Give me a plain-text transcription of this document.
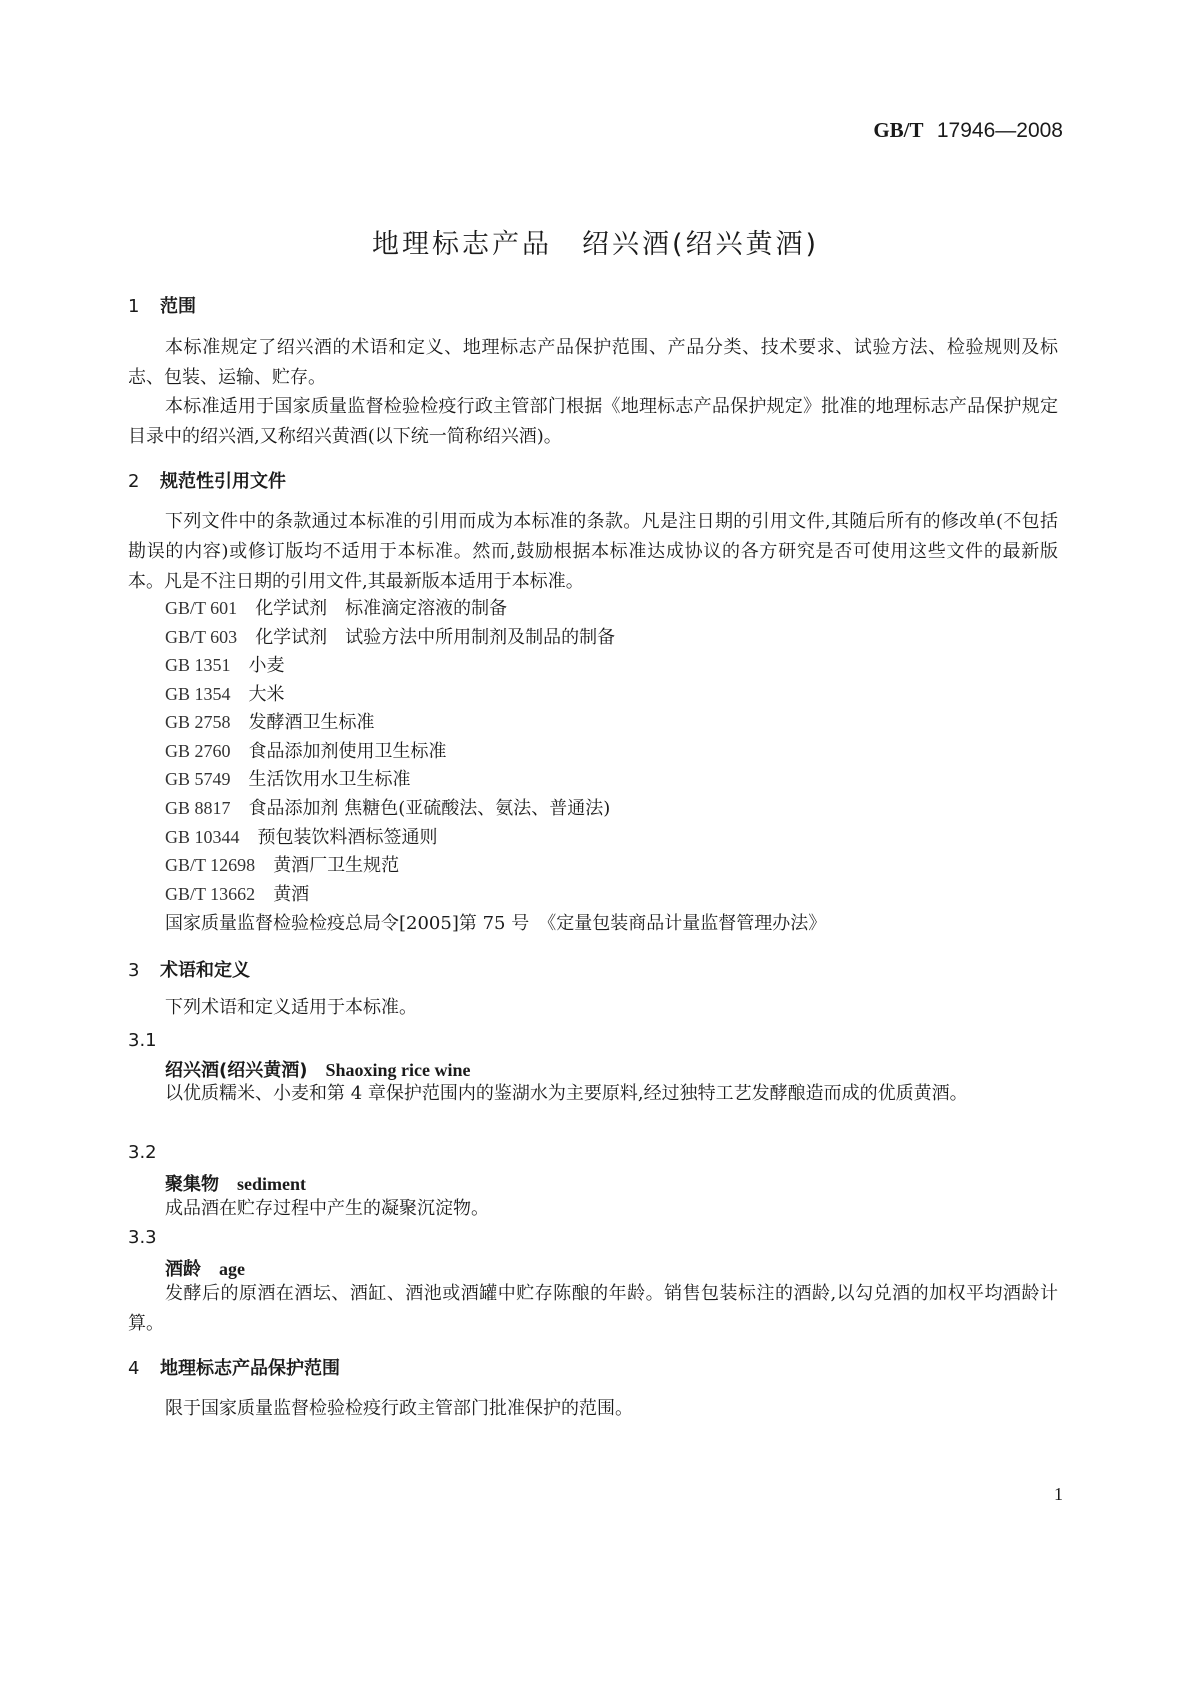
GB/T 17946—2008
地理标志产品　绍兴酒(绍兴黄酒)
1 范围
本标准规定了绍兴酒的术语和定义、地理标志产品保护范围、产品分类、技术要求、试验方法、检验规则及标志、包装、运输、贮存。
本标准适用于国家质量监督检验检疫行政主管部门根据《地理标志产品保护规定》批准的地理标志产品保护规定目录中的绍兴酒,又称绍兴黄酒(以下统一简称绍兴酒)。
2 规范性引用文件
下列文件中的条款通过本标准的引用而成为本标准的条款。凡是注日期的引用文件,其随后所有的修改单(不包括勘误的内容)或修订版均不适用于本标准。然而,鼓励根据本标准达成协议的各方研究是否可使用这些文件的最新版本。凡是不注日期的引用文件,其最新版本适用于本标准。
GB/T 601  化学试剂　标准滴定溶液的制备
GB/T 603  化学试剂　试验方法中所用制剂及制品的制备
GB 1351  小麦
GB 1354  大米
GB 2758  发酵酒卫生标准
GB 2760  食品添加剂使用卫生标准
GB 5749  生活饮用水卫生标准
GB 8817  食品添加剂 焦糖色(亚硫酸法、氨法、普通法)
GB 10344  预包装饮料酒标签通则
GB/T 12698  黄酒厂卫生规范
GB/T 13662  黄酒
国家质量监督检验检疫总局令[2005]第 75 号　《定量包装商品计量监督管理办法》
3 术语和定义
下列术语和定义适用于本标准。
3.1
绍兴酒(绍兴黄酒) Shaoxing rice wine
以优质糯米、小麦和第 4 章保护范围内的鉴湖水为主要原料,经过独特工艺发酵酿造而成的优质黄酒。
3.2
聚集物 sediment
成品酒在贮存过程中产生的凝聚沉淀物。
3.3
酒龄 age
发酵后的原酒在酒坛、酒缸、酒池或酒罐中贮存陈酿的年龄。销售包装标注的酒龄,以勾兑酒的加权平均酒龄计算。
4 地理标志产品保护范围
限于国家质量监督检验检疫行政主管部门批准保护的范围。
1
